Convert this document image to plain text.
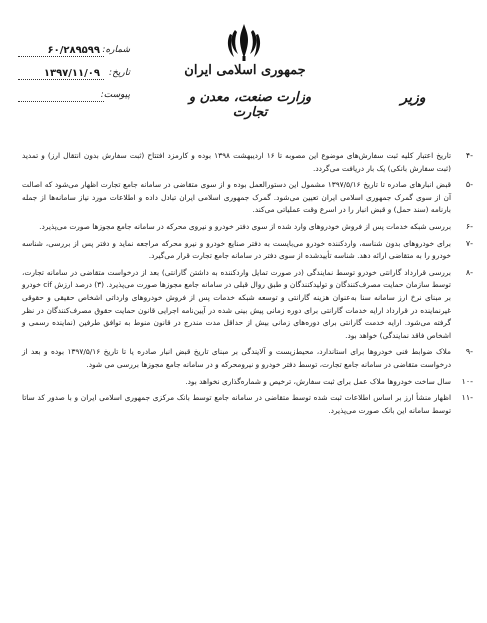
جمهوری اسلامی ایران
وزارت صنعت، معدن و تجارت
وزیر
شماره:
۶۰/۲۸۹۵۹۹
تاریخ:
۱۳۹۷/۱۱/۰۹
پیوست:
-۴
تاریخ اعتبار کلیه ثبت سفارش‌های موضوع این مصوبه تا ۱۶ اردیبهشت ۱۳۹۸ بوده و کارمزد افتتاح (ثبت سفارش بدون انتقال ارز) و تمدید (ثبت سفارش بانکی) یک بار دریافت می‌گردد.
-۵
قبض انبارهای صادره تا تاریخ ۱۳۹۷/۵/۱۶ مشمول این دستورالعمل بوده و از سوی متقاضی در سامانه جامع تجارت اظهار می‌شود که اصالت آن از سوی گمرک جمهوری اسلامی ایران تعیین می‌شود. گمرک جمهوری اسلامی ایران تبادل داده و اطلاعات مورد نیاز سامانه‌ها از جمله بارنامه (سند حمل) و قبض انبار را در اسرع وقت عملیاتی می‌کند.
-۶
بررسی شبکه خدمات پس از فروش خودروهای وارد شده از سوی دفتر خودرو و نیروی محرکه در سامانه جامع مجوزها صورت می‌پذیرد.
-۷
برای خودروهای بدون شناسه، واردکننده خودرو می‌بایست به دفتر صنایع خودرو و نیرو محرکه مراجعه نماید و دفتر پس از بررسی، شناسه خودرو را به متقاضی ارائه دهد. شناسه تأییدشده از سوی دفتر در سامانه جامع تجارت قرار می‌گیرد.
-۸
بررسی قرارداد گارانتی خودرو توسط نمایندگی (در صورت تمایل واردکننده به داشتن گارانتی) بعد از درخواست متقاضی در سامانه تجارت، توسط سازمان حمایت مصرف‌کنندگان و تولیدکنندگان و طبق روال قبلی در سامانه جامع مجوزها صورت می‌پذیرد. (۳) درصد ارزش cif خودرو بر مبنای نرخ ارز سامانه سنا به‌عنوان هزینه گارانتی و توسعه شبکه خدمات پس از فروش خودروهای وارداتی اشخاص حقیقی و حقوقی غیرنماینده در قرارداد ارایه خدمات گارانتی برای دوره زمانی پیش بینی شده در آیین‌نامه اجرایی قانون حمایت حقوق مصرف‌کنندگان در نظر گرفته می‌شود. ارایه خدمت گارانتی برای دوره‌های زمانی بیش از حداقل مدت مندرج در قانون منوط به توافق طرفین (نماینده رسمی و اشخاص فاقد نمایندگی) خواهد بود.
-۹
ملاک ضوابط فنی خودروها برای استاندارد، محیط‌زیست و آلایندگی بر مبنای تاریخ قبض انبار صادره یا تا تاریخ ۱۳۹۷/۵/۱۶ بوده و بعد از درخواست متقاضی در سامانه جامع تجارت، توسط دفتر خودرو و نیرومحرکه و در سامانه جامع مجوزها بررسی می شود.
-۱۰
سال ساخت خودروها ملاک عمل برای ثبت سفارش، ترخیص و شماره‌گذاری نخواهد بود.
-۱۱
اظهار منشأ ارز بر اساس اطلاعات ثبت شده توسط متقاضی در سامانه جامع توسط بانک مرکزی جمهوری اسلامی ایران و با صدور کد ساتا توسط سامانه این بانک صورت می‌پذیرد.
